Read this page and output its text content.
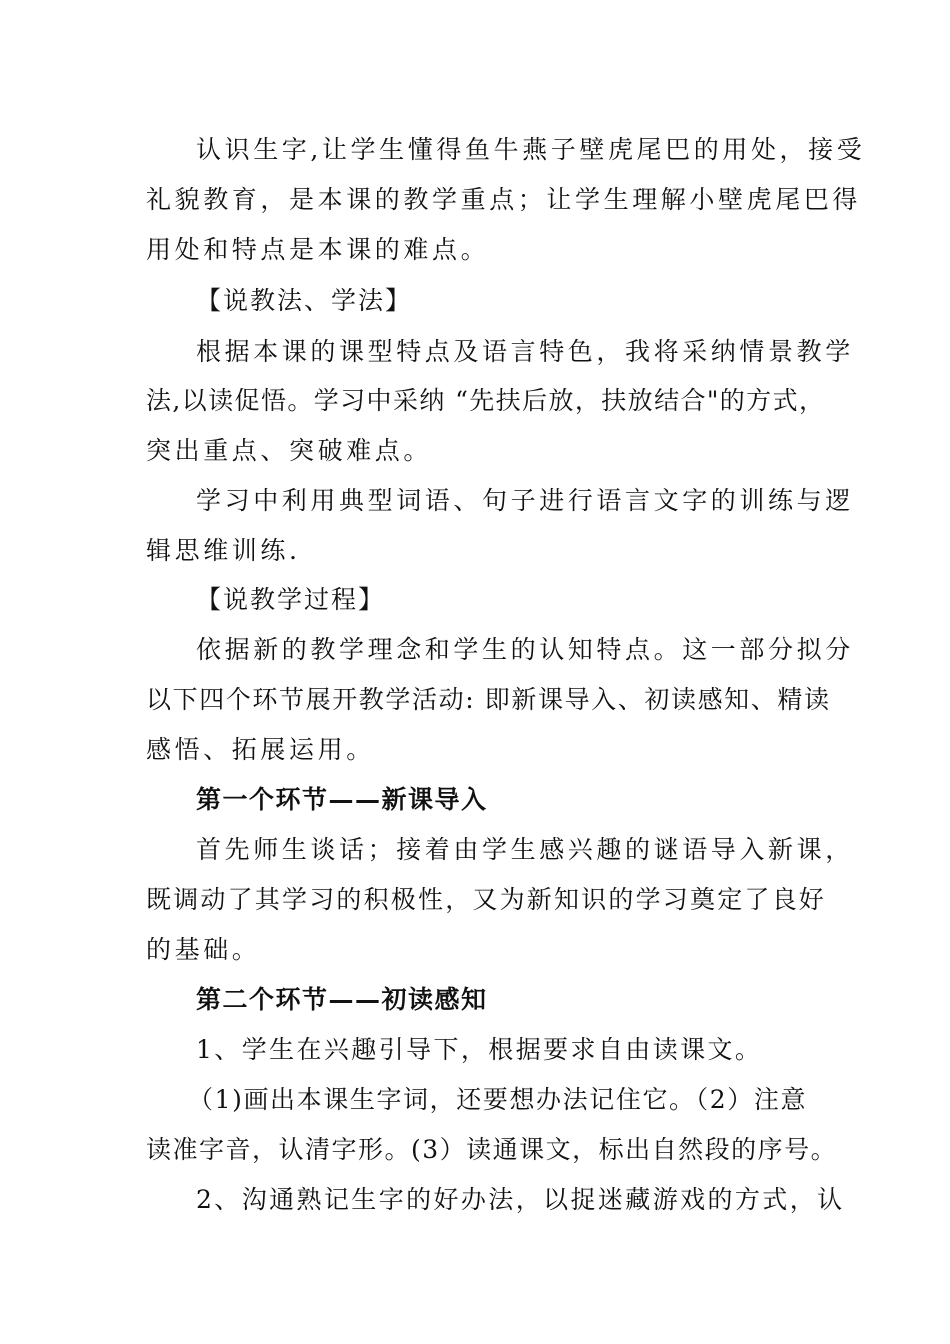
认识生字,让学生懂得鱼牛燕子壁虎尾巴的用处，接受
礼貌教育，是本课的教学重点；让学生理解小壁虎尾巴得
用处和特点是本课的难点。
【说教法、学法】
根据本课的课型特点及语言特色，我将采纳情景教学
法,以读促悟。学习中采纳 “先扶后放，扶放结合"的方式，
突出重点、突破难点。
学习中利用典型词语、句子进行语言文字的训练与逻
辑思维训练.
【说教学过程】
依据新的教学理念和学生的认知特点。这一部分拟分
以下四个环节展开教学活动: 即新课导入、初读感知、精读
感悟、拓展运用。
第一个环节——新课导入
首先师生谈话；接着由学生感兴趣的谜语导入新课，
既调动了其学习的积极性，又为新知识的学习奠定了良好
的基础。
第二个环节——初读感知
1、学生在兴趣引导下，根据要求自由读课文。
（1)画出本课生字词，还要想办法记住它。（2）注意
读准字音，认清字形。(3）读通课文，标出自然段的序号。
2、沟通熟记生字的好办法，以捉迷藏游戏的方式，认
